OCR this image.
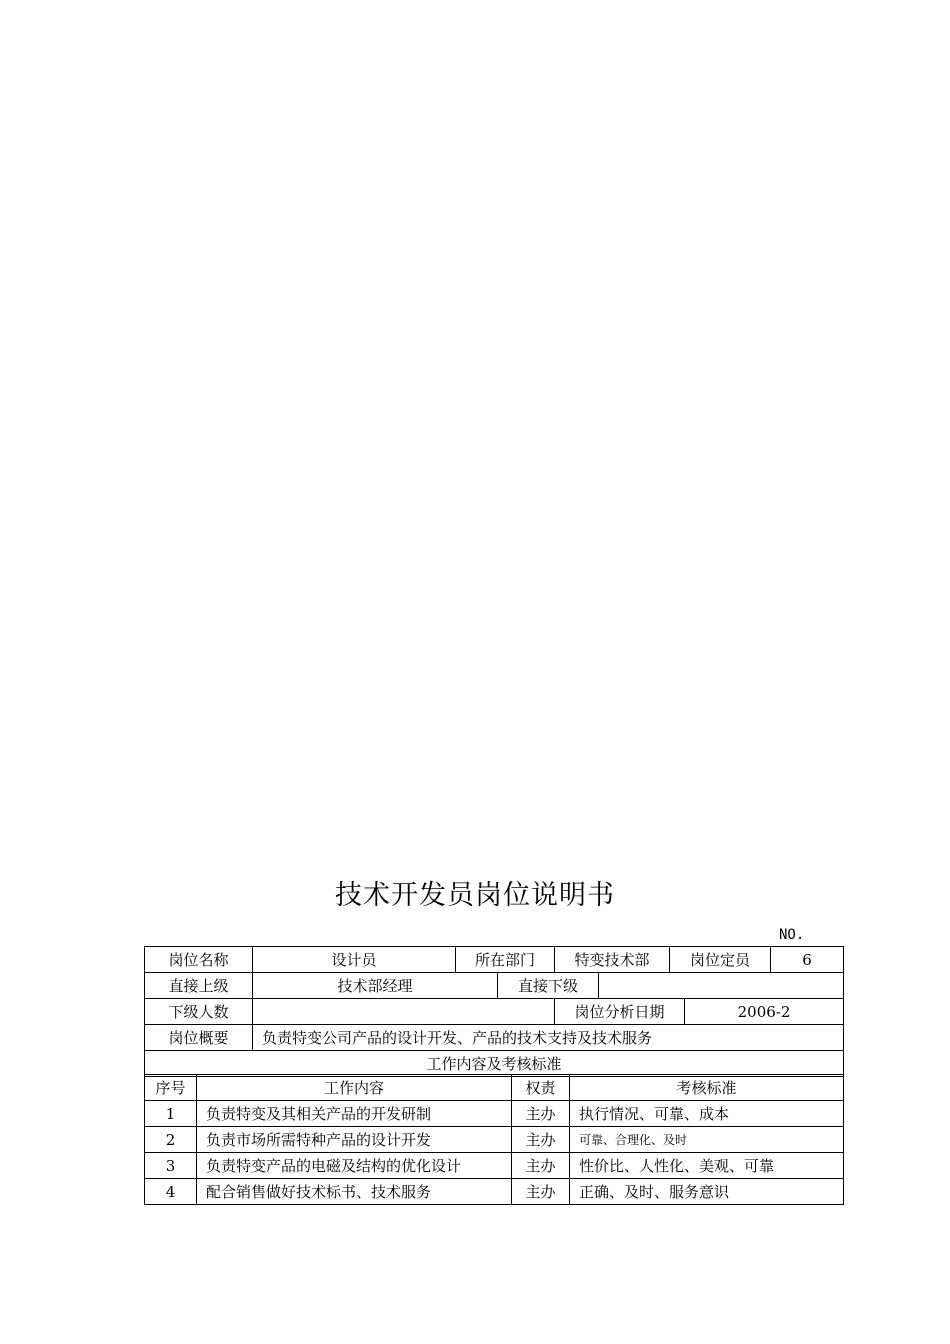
技术开发员岗位说明书
NO.
岗位名称	设计员	所在部门		特变技术部		岗位定员		6
直接上级	技术部经理		直接下级					
下级人数				岗位分析日期			2006-2	
岗位概要	负责特变公司产品的设计开发、产品的技术支持及技术服务							
工作内容及考核标准								
序号	工作内容	权责	考核标准
1	负责特变及其相关产品的开发研制	主办	执行情况、可靠、成本
2	负责市场所需特种产品的设计开发	主办	可靠、合理化、及时
3	负责特变产品的电磁及结构的优化设计	主办	性价比、人性化、美观、可靠
4	配合销售做好技术标书、技术服务	主办	正确、及时、服务意识
